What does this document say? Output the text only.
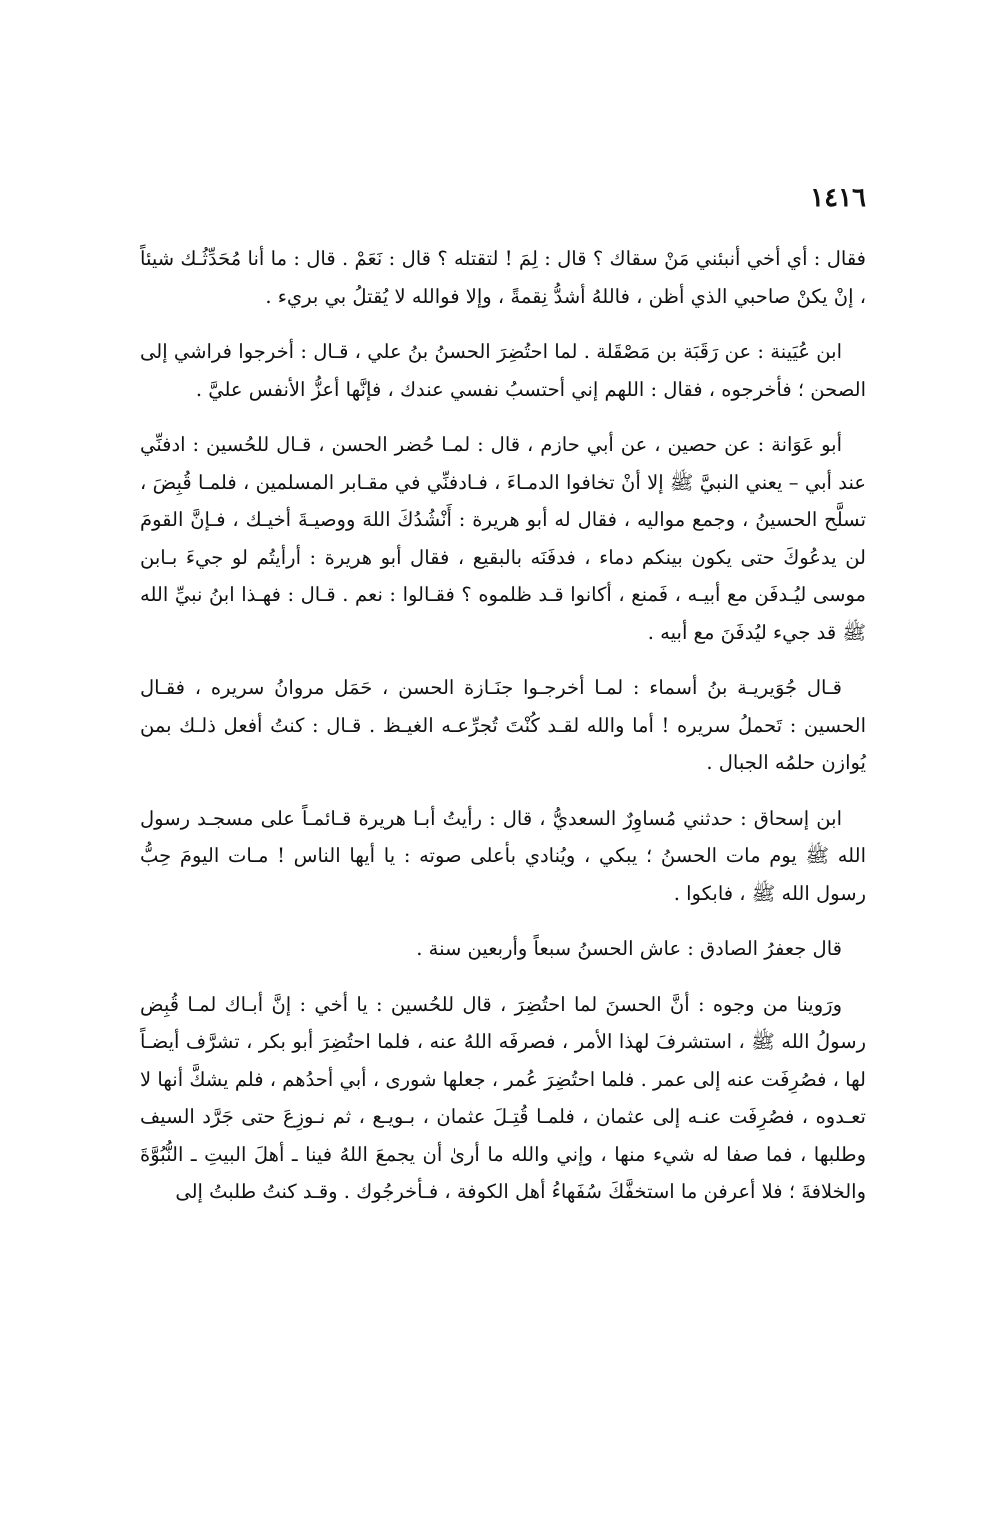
١٤١٦

فقال : أي أخي أنبئني مَنْ سقاك ؟ قال : لِمَ ! لتقتله ؟ قال : نَعَمْ . قال : ما أنا مُحَدِّثُـك شيئاً ، إنْ يكنْ صاحبي الذي أظن ، فاللهُ أشدُّ نِقمةً ، وإلا فوالله لا يُقتلُ بي بريء .

ابن عُيَينة : عن رَقَبَة بن مَصْقَلة . لما احتُضِرَ الحسنُ بنُ علي ، قـال : أخرجوا فراشي إلى الصحن ؛ فأخرجوه ، فقال : اللهم إني أحتسبُ نفسي عندك ، فإنَّها أعزُّ الأنفس عليَّ .

أبو عَوَانة : عن حصين ، عن أبي حازم ، قال : لمـا حُضر الحسن ، قـال للحُسين : ادفنِّي عند أبي – يعني النبيَّ ﷺ إلا أنْ تخافوا الدمـاءَ ، فـادفنِّي في مقـابر المسلمين ، فلمـا قُبِضَ ، تسلَّح الحسينُ ، وجمع مواليه ، فقال له أبو هريرة : أَنْشُدُكَ اللهَ ووصيـةَ أخيـك ، فـإنَّ القومَ لن يدعُوكَ حتى يكون بينكم دماء ، فدفَنَه بالبقيع ، فقال أبو هريرة : أرأيتُم لو جيءَ بـابن موسى ليُـدفَن مع أبيـه ، فَمنع ، أكانوا قـد ظلموه ؟ فقـالوا : نعم . قـال : فهـذا ابنُ نبيِّ الله ﷺ قد جيء ليُدفَنَ مع أبيه .

قـال جُوَيريـة بنُ أسماء : لمـا أخرجـوا جنَـازة الحسن ، حَمَل مروانُ سريره ، فقـال الحسين : تَحملُ سريره ! أما والله لقـد كُنْتَ تُجرِّعـه الغيـظ . قـال : كنتُ أفعل ذلـك بمن يُوازن حلمُه الجبال .

ابن إسحاق : حدثني مُساوِرٌ السعديُّ ، قال : رأيتُ أبـا هريرة قـائمـاً على مسجـد رسول الله ﷺ يوم مات الحسنُ ؛ يبكي ، ويُنادي بأعلى صوته : يا أيها الناس ! مـات اليومَ حِبُّ رسول الله ﷺ ، فابكوا .

قال جعفرُ الصادق : عاش الحسنُ سبعاً وأربعين سنة .

ورَوينا من وجوه : أنَّ الحسنَ لما احتُضِرَ ، قال للحُسين : يا أخي : إنَّ أبـاك لمـا قُبِض رسولُ الله ﷺ ، استشرفَ لهذا الأمر ، فصرفَه اللهُ عنه ، فلما احتُضِرَ أبو بكر ، تشرَّف أيضـاً لها ، فصُرِفَت عنه إلى عمر . فلما احتُضِرَ عُمر ، جعلها شورى ، أبي أحدُهم ، فلم يشكَّ أنها لا تعـدوه ، فصُرِفَت عنـه إلى عثمان ، فلمـا قُتِـلَ عثمان ، بـويـع ، ثم نـوزِعَ حتى جَرَّد السيف وطلبها ، فما صفا له شيء منها ، وإني والله ما أرىٰ أن يجمعَ اللهُ فينا ـ أهلَ البيتِ ـ النُّبُوَّةَ والخلافةَ ؛ فلا أعرفن ما استخفَّكَ سُفَهاءُ أهل الكوفة ، فـأخرجُوك . وقـد كنتُ طلبتُ إلى
